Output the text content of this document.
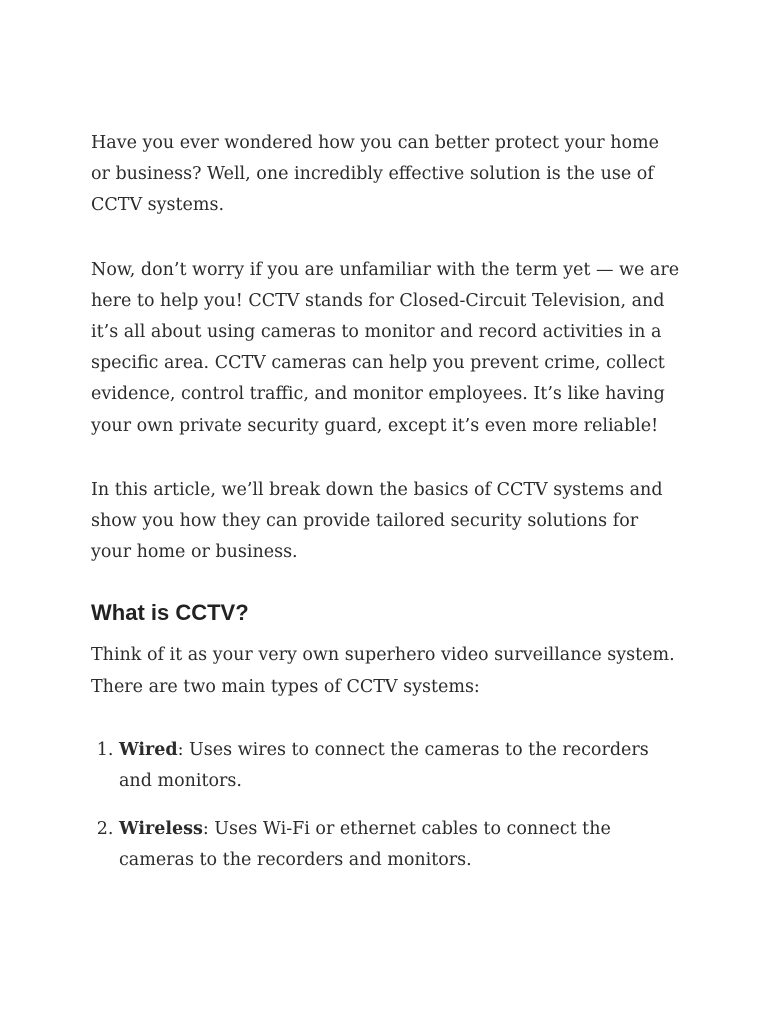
Have you ever wondered how you can better protect your home or business? Well, one incredibly effective solution is the use of CCTV systems.

Now, don’t worry if you are unfamiliar with the term yet — we are here to help you! CCTV stands for Closed-Circuit Television, and it’s all about using cameras to monitor and record activities in a specific area. CCTV cameras can help you prevent crime, collect evidence, control traffic, and monitor employees. It’s like having your own private security guard, except it’s even more reliable!

In this article, we’ll break down the basics of CCTV systems and show you how they can provide tailored security solutions for your home or business.

What is CCTV?

Think of it as your very own superhero video surveillance system. There are two main types of CCTV systems:

1. Wired: Uses wires to connect the cameras to the recorders and monitors.
2. Wireless: Uses Wi-Fi or ethernet cables to connect the cameras to the recorders and monitors.
